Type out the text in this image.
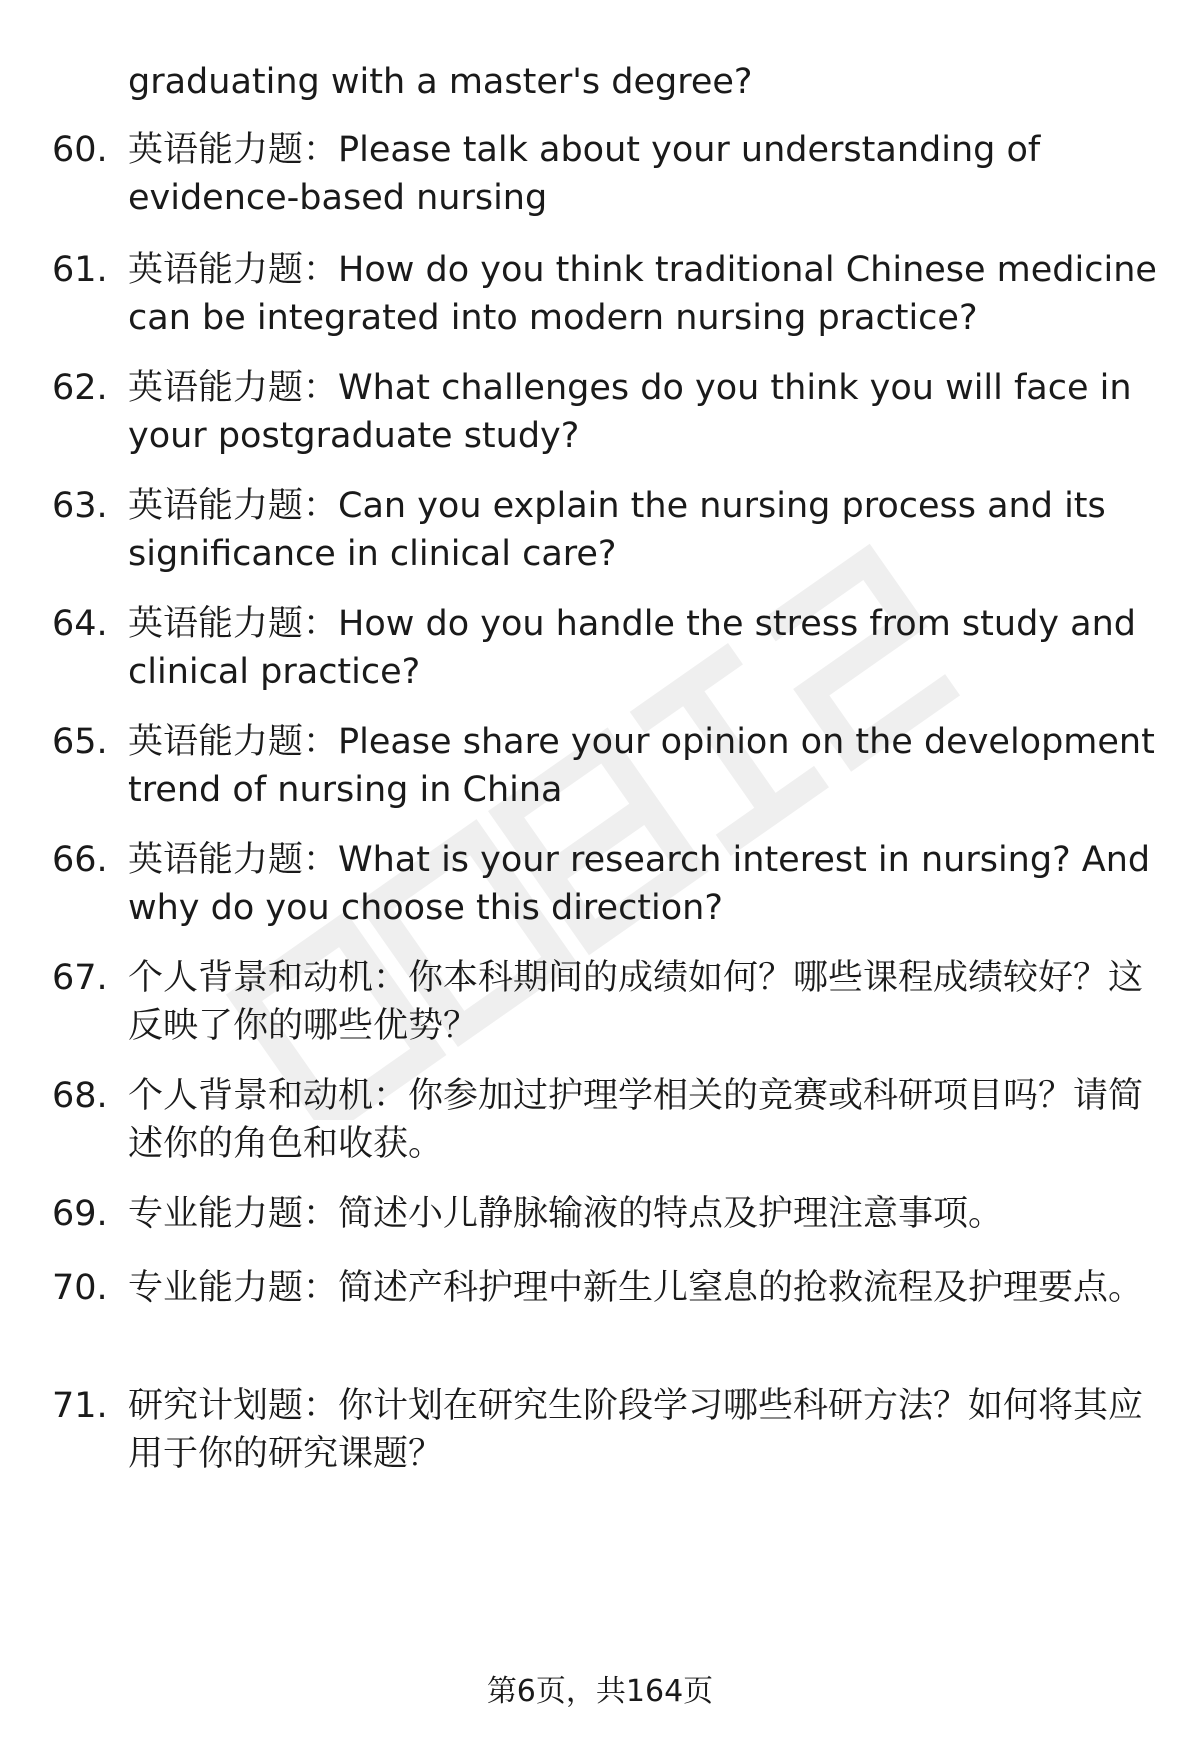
graduating with a master's degree?
60. 英语能力题：Please talk about your understanding of evidence-based nursing
61. 英语能力题：How do you think traditional Chinese medicine can be integrated into modern nursing practice?
62. 英语能力题：What challenges do you think you will face in your postgraduate study?
63. 英语能力题：Can you explain the nursing process and its significance in clinical care?
64. 英语能力题：How do you handle the stress from study and clinical practice?
65. 英语能力题：Please share your opinion on the development trend of nursing in China
66. 英语能力题：What is your research interest in nursing? And why do you choose this direction?
67. 个人背景和动机：你本科期间的成绩如何？哪些课程成绩较好？这反映了你的哪些优势？
68. 个人背景和动机：你参加过护理学相关的竞赛或科研项目吗？请简述你的角色和收获。
69. 专业能力题：简述小儿静脉输液的特点及护理注意事项。
70. 专业能力题：简述产科护理中新生儿窒息的抢救流程及护理要点。
71. 研究计划题：你计划在研究生阶段学习哪些科研方法？如何将其应用于你的研究课题？
第6页，共164页
